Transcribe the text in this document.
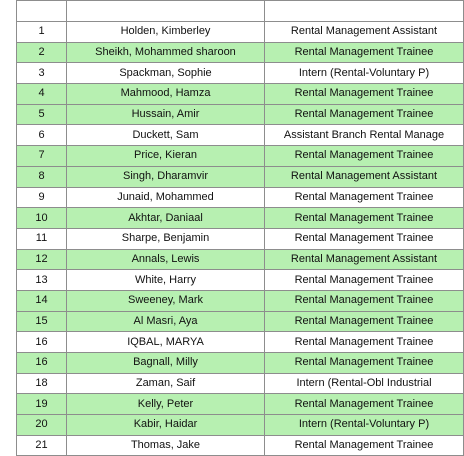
1	Holden, Kimberley	Rental Management Assistant
2	Sheikh, Mohammed sharoon	Rental Management Trainee
3	Spackman, Sophie	Intern (Rental-Voluntary P)
4	Mahmood, Hamza	Rental Management Trainee
5	Hussain, Amir	Rental Management Trainee
6	Duckett, Sam	Assistant Branch Rental Manage
7	Price, Kieran	Rental Management Trainee
8	Singh, Dharamvir	Rental Management Assistant
9	Junaid, Mohammed	Rental Management Trainee
10	Akhtar, Daniaal	Rental Management Trainee
11	Sharpe, Benjamin	Rental Management Trainee
12	Annals, Lewis	Rental Management Assistant
13	White, Harry	Rental Management Trainee
14	Sweeney, Mark	Rental Management Trainee
15	Al Masri, Aya	Rental Management Trainee
16	IQBAL, MARYA	Rental Management Trainee
16	Bagnall, Milly	Rental Management Trainee
18	Zaman, Saif	Intern (Rental-Obl Industrial
19	Kelly, Peter	Rental Management Trainee
20	Kabir, Haidar	Intern (Rental-Voluntary P)
21	Thomas, Jake	Rental Management Trainee
